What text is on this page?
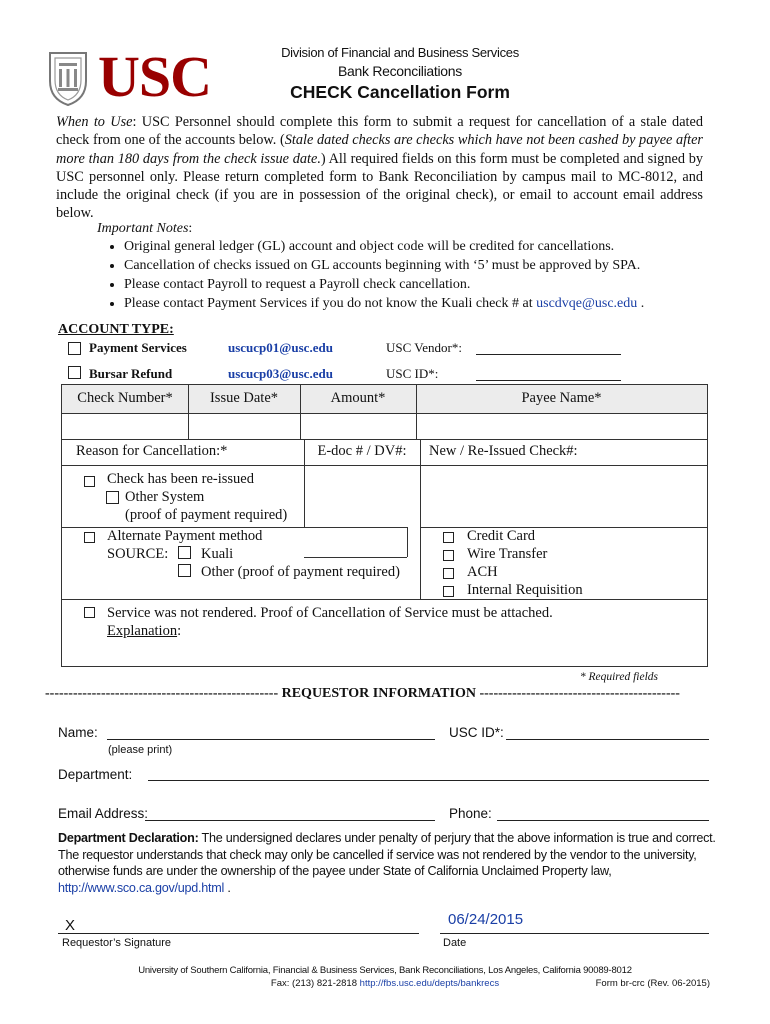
USC	Division of Financial and Business Services
Bank Reconciliations
CHECK Cancellation Form
When to Use: USC Personnel should complete this form to submit a request for cancellation of a stale dated check from one of the accounts below. (Stale dated checks are checks which have not been cashed by payee after more than 180 days from the check issue date.) All required fields on this form must be completed and signed by USC personnel only. Please return completed form to Bank Reconciliation by campus mail to MC-8012, and include the original check (if you are in possession of the original check), or email to account email address below.
Important Notes:
• Original general ledger (GL) account and object code will be credited for cancellations.
• Cancellation of checks issued on GL accounts beginning with ‘5’ must be approved by SPA.
• Please contact Payroll to request a Payroll check cancellation.
• Please contact Payment Services if you do not know the Kuali check # at uscdvqe@usc.edu .
ACCOUNT TYPE:
Payment Services	uscucp01@usc.edu	USC Vendor*:
Bursar Refund	uscucp03@usc.edu	USC ID*:
Check Number*	Issue Date*	Amount*	Payee Name*
Reason for Cancellation:*	E-doc # / DV#:	New / Re-Issued Check#:
Check has been re-issued
Other System
(proof of payment required)
Alternate Payment method
SOURCE: Kuali
Other (proof of payment required)
Credit Card
Wire Transfer
ACH
Internal Requisition
Service was not rendered. Proof of Cancellation of Service must be attached.
Explanation:
* Required fields
-------------------------------------------------- REQUESTOR INFORMATION -------------------------------------------
Name:
(please print)
USC ID*:
Department:
Email Address:	Phone:
Department Declaration: The undersigned declares under penalty of perjury that the above information is true and correct. The requestor understands that check may only be cancelled if service was not rendered by the vendor to the university, otherwise funds are under the ownership of the payee under State of California Unclaimed Property law, http://www.sco.ca.gov/upd.html .
X
Requestor’s Signature
06/24/2015
Date
University of Southern California, Financial & Business Services, Bank Reconciliations, Los Angeles, California 90089-8012
Fax: (213) 821-2818 http://fbs.usc.edu/depts/bankrecs	Form br-crc (Rev. 06-2015)
